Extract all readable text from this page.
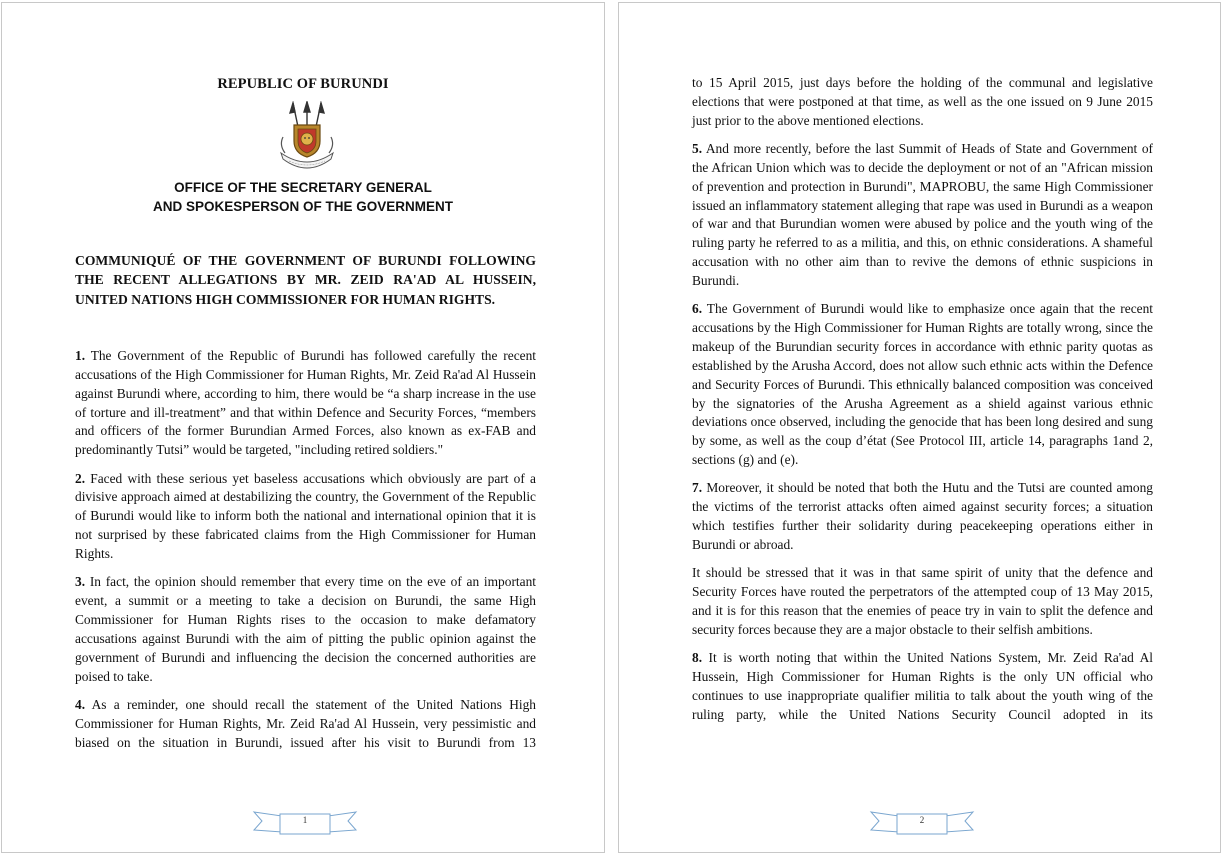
REPUBLIC OF BURUNDI
OFFICE OF THE SECRETARY GENERAL
AND SPOKESPERSON OF THE GOVERNMENT
COMMUNIQUÉ OF THE GOVERNMENT OF BURUNDI FOLLOWING THE RECENT ALLEGATIONS BY MR. ZEID RA'AD AL HUSSEIN, UNITED NATIONS HIGH COMMISSIONER FOR HUMAN RIGHTS.

1. The Government of the Republic of Burundi has followed carefully the recent accusations of the High Commissioner for Human Rights, Mr. Zeid Ra'ad Al Hussein against Burundi where, according to him, there would be “a sharp increase in the use of torture and ill-treatment” and that within Defence and Security Forces, “members and officers of the former Burundian Armed Forces, also known as ex-FAB and predominantly Tutsi” would be targeted, "including retired soldiers."

2. Faced with these serious yet baseless accusations which obviously are part of a divisive approach aimed at destabilizing the country, the Government of the Republic of Burundi would like to inform both the national and international opinion that it is not surprised by these fabricated claims from the High Commissioner for Human Rights.

3. In fact, the opinion should remember that every time on the eve of an important event, a summit or a meeting to take a decision on Burundi, the same High Commissioner for Human Rights rises to the occasion to make defamatory accusations against Burundi with the aim of pitting the public opinion against the government of Burundi and influencing the decision the concerned authorities are poised to take.

4. As a reminder, one should recall the statement of the United Nations High Commissioner for Human Rights, Mr. Zeid Ra'ad Al Hussein, very pessimistic and biased on the situation in Burundi, issued after his visit to Burundi from 13

1

to 15 April 2015, just days before the holding of the communal and legislative elections that were postponed at that time, as well as the one issued on 9 June 2015 just prior to the above mentioned elections.

5. And more recently, before the last Summit of Heads of State and Government of the African Union which was to decide the deployment or not of an "African mission of prevention and protection in Burundi", MAPROBU, the same High Commissioner issued an inflammatory statement alleging that rape was used in Burundi as a weapon of war and that Burundian women were abused by police and the youth wing of the ruling party he referred to as a militia, and this, on ethnic considerations. A shameful accusation with no other aim than to revive the demons of ethnic suspicions in Burundi.

6. The Government of Burundi would like to emphasize once again that the recent accusations by the High Commissioner for Human Rights are totally wrong, since the makeup of the Burundian security forces in accordance with ethnic parity quotas as established by the Arusha Accord, does not allow such ethnic acts within the Defence and Security Forces of Burundi. This ethnically balanced composition was conceived by the signatories of the Arusha Agreement as a shield against various ethnic deviations once observed, including the genocide that has been long desired and sung by some, as well as the coup d’état (See Protocol III, article 14, paragraphs 1and 2, sections (g) and (e).

7. Moreover, it should be noted that both the Hutu and the Tutsi are counted among the victims of the terrorist attacks often aimed against security forces; a situation which testifies further their solidarity during peacekeeping operations either in Burundi or abroad.

It should be stressed that it was in that same spirit of unity that the defence and Security Forces have routed the perpetrators of the attempted coup of 13 May 2015, and it is for this reason that the enemies of peace try in vain to split the defence and security forces because they are a major obstacle to their selfish ambitions.

8. It is worth noting that within the United Nations System, Mr. Zeid Ra'ad Al Hussein, High Commissioner for Human Rights is the only UN official who continues to use inappropriate qualifier militia to talk about the youth wing of the ruling party, while the United Nations Security Council adopted in its

2
